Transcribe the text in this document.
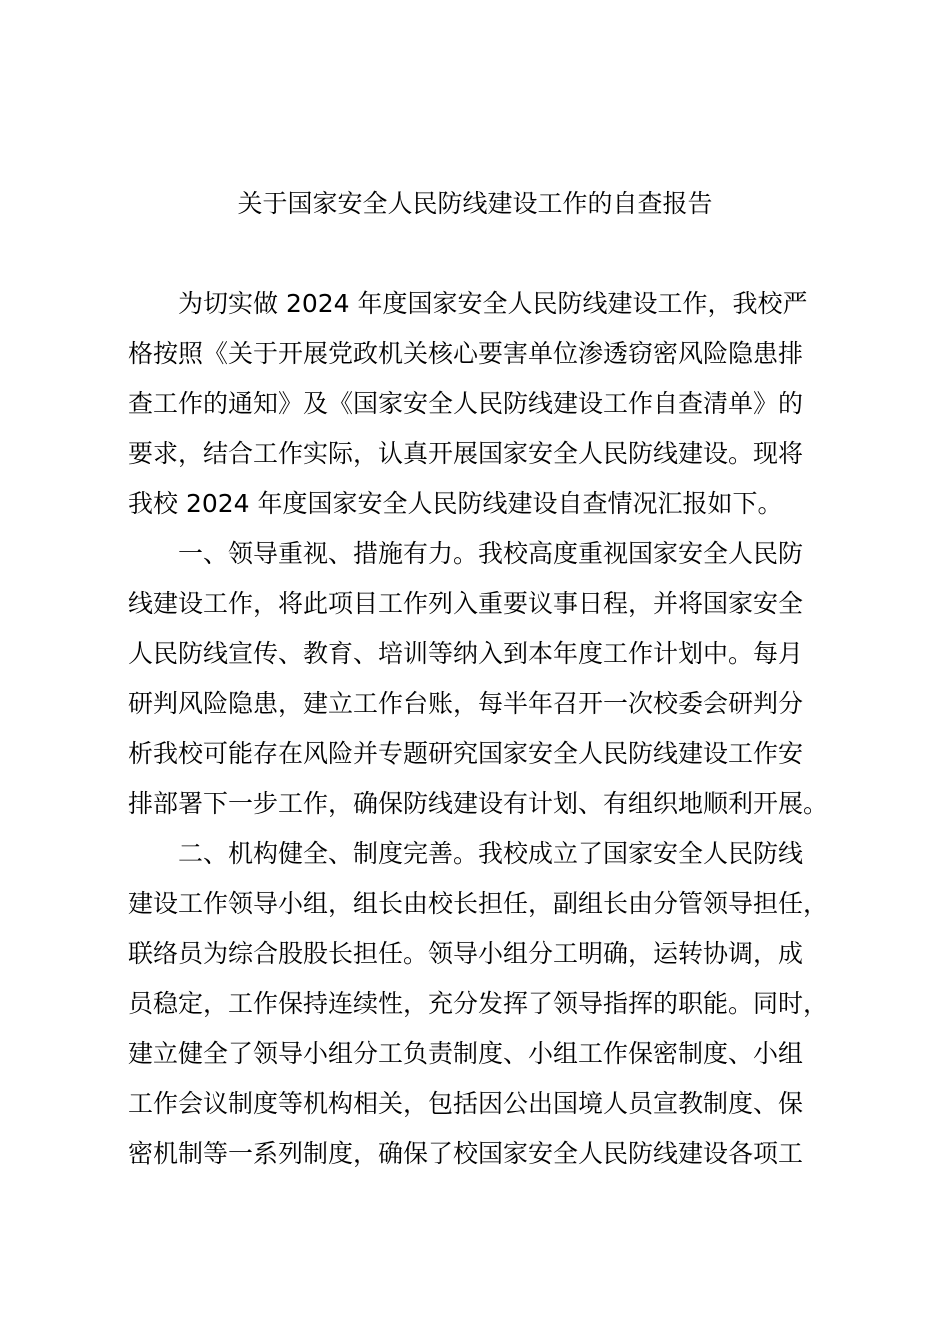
关于国家安全人民防线建设工作的自查报告
为切实做 2024 年度国家安全人民防线建设工作，我校严
格按照《关于开展党政机关核心要害单位渗透窃密风险隐患排
查工作的通知》及《国家安全人民防线建设工作自查清单》的
要求，结合工作实际，认真开展国家安全人民防线建设。现将
我校 2024 年度国家安全人民防线建设自查情况汇报如下。
一、领导重视、措施有力。我校高度重视国家安全人民防
线建设工作，将此项目工作列入重要议事日程，并将国家安全
人民防线宣传、教育、培训等纳入到本年度工作计划中。每月
研判风险隐患，建立工作台账，每半年召开一次校委会研判分
析我校可能存在风险并专题研究国家安全人民防线建设工作安
排部署下一步工作，确保防线建设有计划、有组织地顺利开展。
二、机构健全、制度完善。我校成立了国家安全人民防线
建设工作领导小组，组长由校长担任，副组长由分管领导担任，
联络员为综合股股长担任。领导小组分工明确，运转协调，成
员稳定，工作保持连续性，充分发挥了领导指挥的职能。同时，
建立健全了领导小组分工负责制度、小组工作保密制度、小组
工作会议制度等机构相关，包括因公出国境人员宣教制度、保
密机制等一系列制度，确保了校国家安全人民防线建设各项工
